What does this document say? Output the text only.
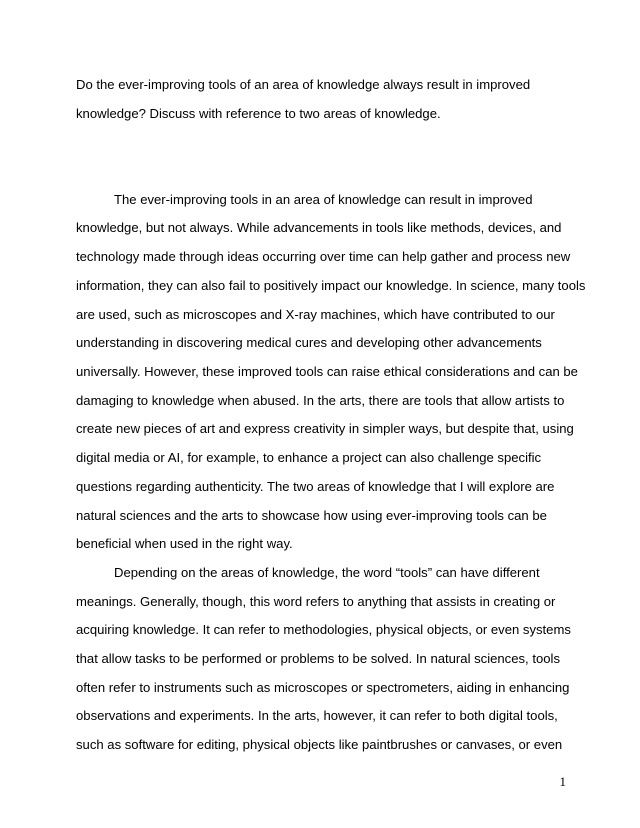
Do the ever-improving tools of an area of knowledge always result in improved
knowledge? Discuss with reference to two areas of knowledge.

The ever-improving tools in an area of knowledge can result in improved
knowledge, but not always. While advancements in tools like methods, devices, and
technology made through ideas occurring over time can help gather and process new
information, they can also fail to positively impact our knowledge. In science, many tools
are used, such as microscopes and X-ray machines, which have contributed to our
understanding in discovering medical cures and developing other advancements
universally. However, these improved tools can raise ethical considerations and can be
damaging to knowledge when abused. In the arts, there are tools that allow artists to
create new pieces of art and express creativity in simpler ways, but despite that, using
digital media or AI, for example, to enhance a project can also challenge specific
questions regarding authenticity. The two areas of knowledge that I will explore are
natural sciences and the arts to showcase how using ever-improving tools can be
beneficial when used in the right way.

Depending on the areas of knowledge, the word “tools” can have different
meanings. Generally, though, this word refers to anything that assists in creating or
acquiring knowledge. It can refer to methodologies, physical objects, or even systems
that allow tasks to be performed or problems to be solved. In natural sciences, tools
often refer to instruments such as microscopes or spectrometers, aiding in enhancing
observations and experiments. In the arts, however, it can refer to both digital tools,
such as software for editing, physical objects like paintbrushes or canvases, or even

1
